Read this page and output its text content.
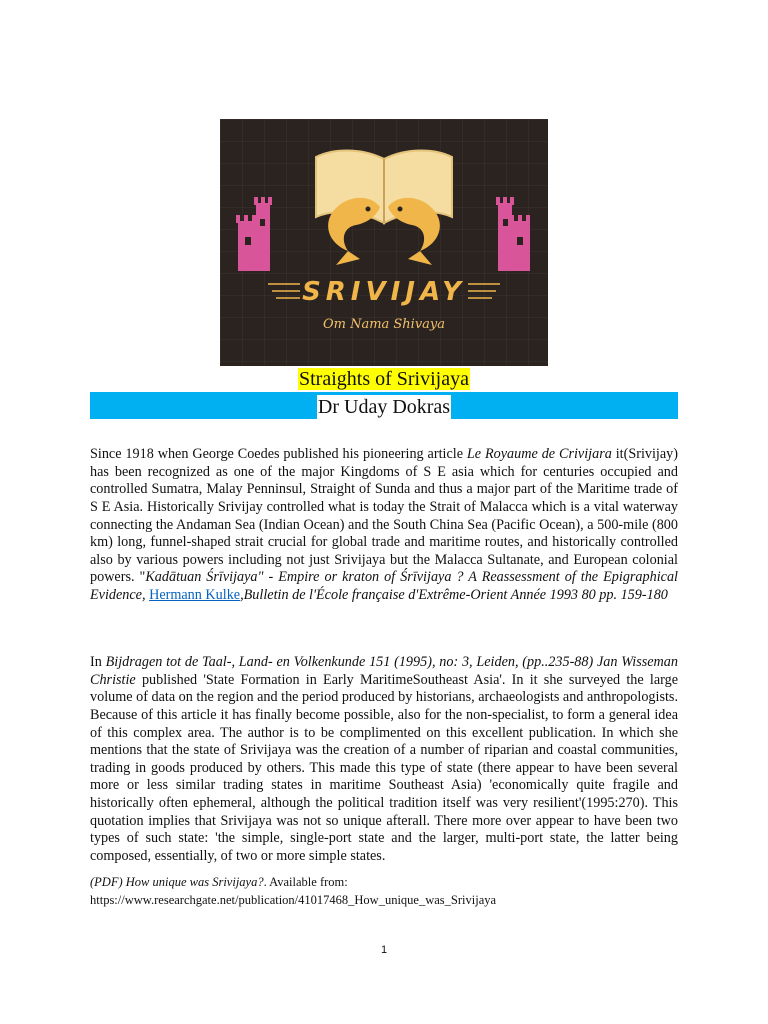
SRIVIJAY
Om Nama Shivaya
Straights of Srivijaya
Dr Uday Dokras

Since 1918 when George Coedes published his pioneering article Le Royaume de Crivijara it(Srivijay) has been recognized as one of the major Kingdoms of S E asia which for centuries occupied and controlled Sumatra, Malay Penninsul, Straight of Sunda and thus a major part of the Maritime trade of S E Asia. Historically Srivijay controlled what is today the Strait of Malacca which is a vital waterway connecting the Andaman Sea (Indian Ocean) and the South China Sea (Pacific Ocean), a 500-mile (800 km) long, funnel-shaped strait crucial for global trade and maritime routes, and historically controlled also by various powers including not just Srivijaya but the Malacca Sultanate, and European colonial powers. "Kadātuan Śrīvijaya" - Empire or kraton of Śrīvijaya ? A Reassessment of the Epigraphical Evidence, Hermann Kulke,Bulletin de l'École française d'Extrême-Orient Année 1993 80 pp. 159-180

In Bijdragen tot de Taal-, Land- en Volkenkunde 151 (1995), no: 3, Leiden, (pp..235-88) Jan Wisseman Christie published 'State Formation in Early MaritimeSoutheast Asia'. In it she surveyed the large volume of data on the region and the period produced by historians, archaeologists and anthropologists. Because of this article it has finally become possible, also for the non-specialist, to form a general idea of this complex area. The author is to be complimented on this excellent publication. In which she mentions that the state of Srivijaya was the creation of a number of riparian and coastal communities, trading in goods produced by others. This made this type of state (there appear to have been several more or less similar trading states in maritime Southeast Asia) 'economically quite fragile and historically often ephemeral, although the political tradition itself was very resilient'(1995:270). This quotation implies that Srivijaya was not so unique afterall. There more over appear to have been two types of such state: 'the simple, single-port state and the larger, multi-port state, the latter being composed, essentially, of two or more simple states.

(PDF) How unique was Srivijaya?. Available from:
https://www.researchgate.net/publication/41017468_How_unique_was_Srivijaya
1
